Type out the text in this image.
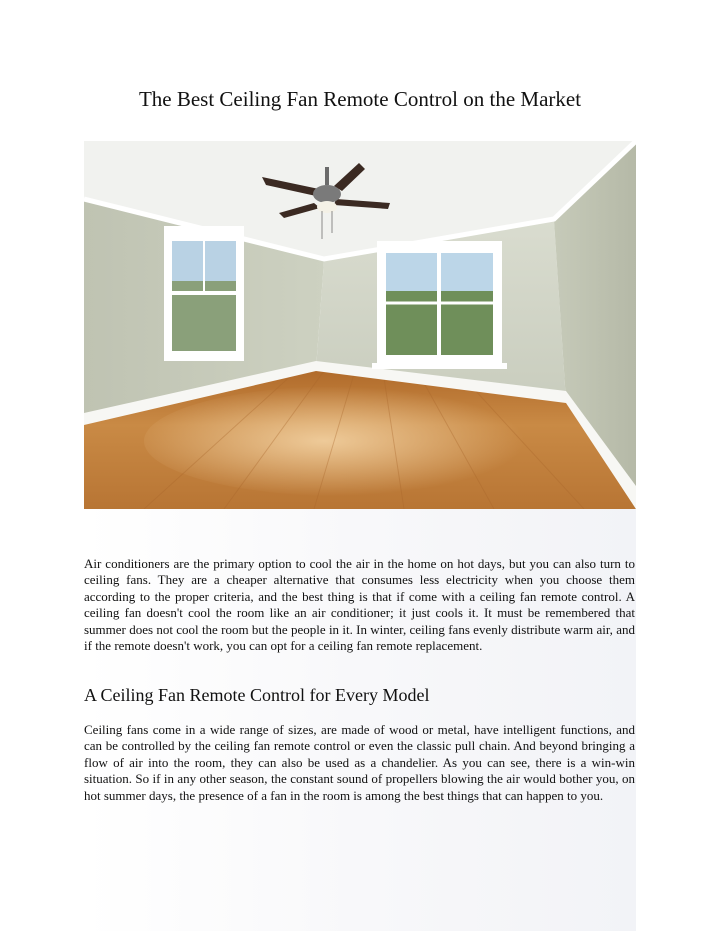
The Best Ceiling Fan Remote Control on the Market

Air conditioners are the primary option to cool the air in the home on hot days, but you can also turn to ceiling fans. They are a cheaper alternative that consumes less electricity when you choose them according to the proper criteria, and the best thing is that if come with a ceiling fan remote control. A ceiling fan doesn't cool the room like an air conditioner; it just cools it. It must be remembered that summer does not cool the room but the people in it. In winter, ceiling fans evenly distribute warm air, and if the remote doesn't work, you can opt for a ceiling fan remote replacement.

A Ceiling Fan Remote Control for Every Model

Ceiling fans come in a wide range of sizes, are made of wood or metal, have intelligent functions, and can be controlled by the ceiling fan remote control or even the classic pull chain. And beyond bringing a flow of air into the room, they can also be used as a chandelier. As you can see, there is a win-win situation. So if in any other season, the constant sound of propellers blowing the air would bother you, on hot summer days, the presence of a fan in the room is among the best things that can happen to you.
